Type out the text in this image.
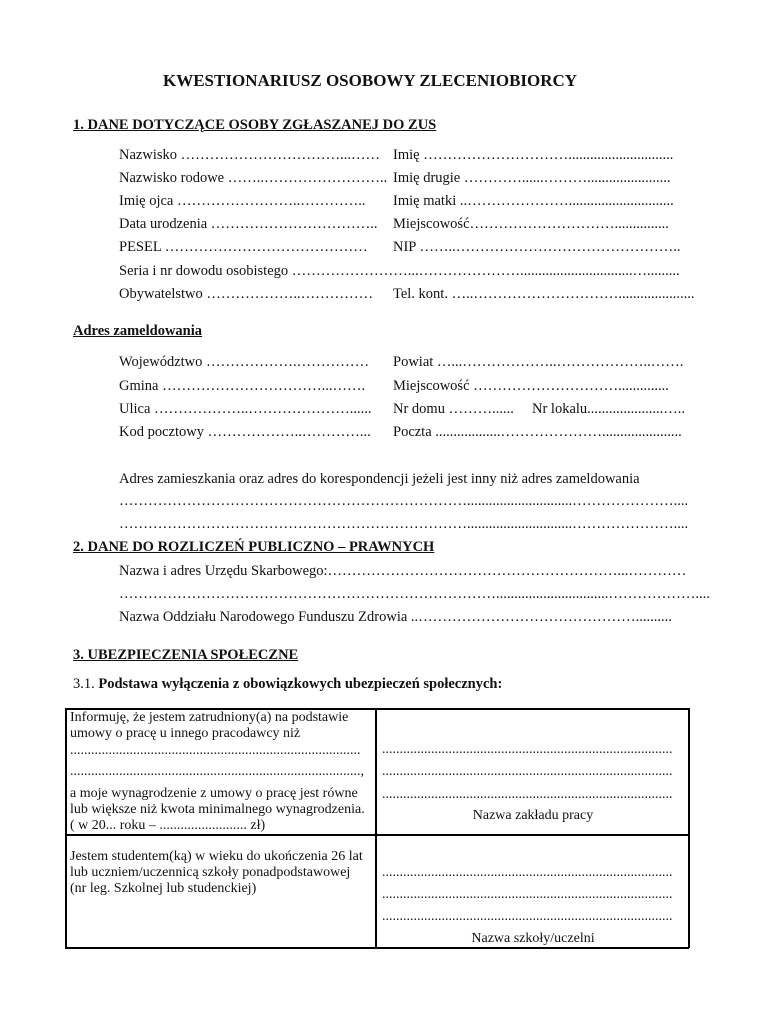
KWESTIONARIUSZ OSOBOWY ZLECENIOBIORCY
1. DANE DOTYCZĄCE OSOBY ZGŁASZANEJ DO ZUS
Nazwisko ……………………………...…… Imię ………………………….............................
Nazwisko rodowe ……..…………………….. Imię drugie …………......……….......................
Imię ojca ……………………..………….. Imię matki ..………………….............................
Data urodzenia …………………………….. Miejscowość…………………………...............
PESEL …………………………………… NIP ……..………………………………………..
Seria i nr dowodu osobistego ……………………...…………………...............................….........
Obywatelstwo ………………..…………… Tel. kont. …..………………………….....................
Adres zameldowania
Województwo ……………….…………… Powiat …...………………..………………..…….
Gmina ……………………………...……. Miejscowość …………………………..............
Ulica ………………..…………………...... Nr domu ………...... Nr lokalu.....................…..
Kod pocztowy ………………..…………... Poczta ..................…………………......................
Adres zamieszkania oraz adres do korespondencji jeżeli jest inny niż adres zameldowania
……………………………………………………………….............................…………………....
……………………………………………………………….............................…………………....
2. DANE DO ROZLICZEŃ PUBLICZNO – PRAWNYCH
Nazwa i adres Urzędu Skarbowego:……………………………………………………...…………
……………………………………………………………………...............................………………....
Nazwa Oddziału Narodowego Funduszu Zdrowia ..………………………………………..........
3. UBEZPIECZENIA SPOŁECZNE
3.1. Podstawa wyłączenia z obowiązkowych ubezpieczeń społecznych:
Informuję, że jestem zatrudniony(a) na podstawie
umowy o pracę u innego pracodawcy niż
...................................................................................
...................................................................................,
a moje wynagrodzenie z umowy o pracę jest równe
lub większe niż kwota minimalnego wynagrodzenia.
( w 20... roku – ......................... zł)
...................................................................................
...................................................................................
...................................................................................
Nazwa zakładu pracy
Jestem studentem(ką) w wieku do ukończenia 26 lat
lub uczniem/uczennicą szkoły ponadpodstawowej
(nr leg. Szkolnej lub studenckiej)
...................................................................................
...................................................................................
...................................................................................
Nazwa szkoły/uczelni
